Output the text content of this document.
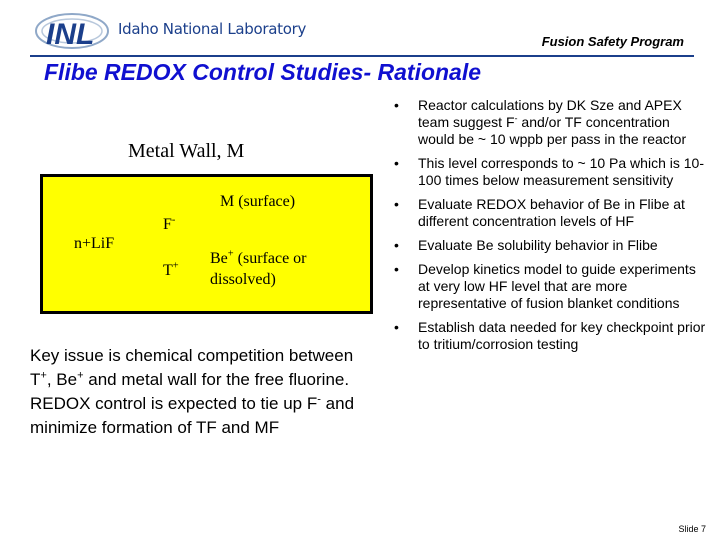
INL Idaho National Laboratory
Fusion Safety Program
Flibe REDOX Control Studies- Rationale
Metal Wall, M
M (surface)
F-
n+LiF
T+ Be+ (surface or dissolved)
Key issue is chemical competition between T+, Be+ and metal wall for the free fluorine. REDOX control is expected to tie up F- and minimize formation of TF and MF
• Reactor calculations by DK Sze and APEX team suggest F- and/or TF concentration would be ~ 10 wppb per pass in the reactor
• This level corresponds to ~ 10 Pa which is 10-100 times below measurement sensitivity
• Evaluate REDOX behavior of Be in Flibe at different concentration levels of HF
• Evaluate Be solubility behavior in Flibe
• Develop kinetics model to guide experiments at very low HF level that are more representative of fusion blanket conditions
• Establish data needed for key checkpoint prior to tritium/corrosion testing
Slide 7
